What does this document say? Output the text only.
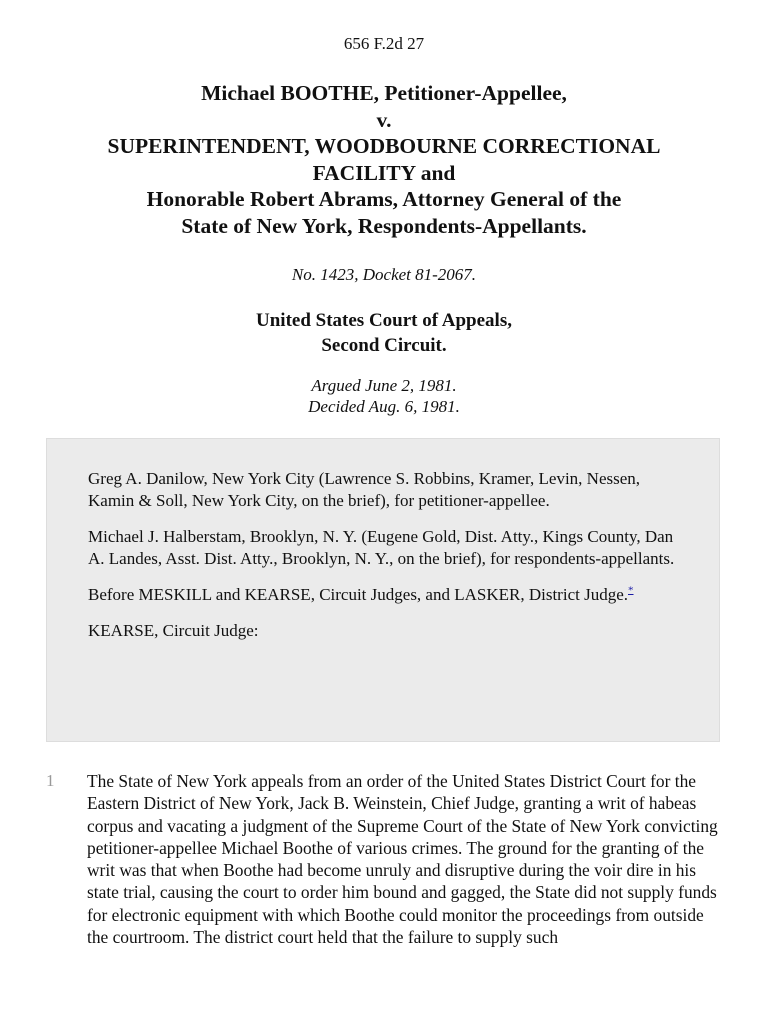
656 F.2d 27
Michael BOOTHE, Petitioner-Appellee,
v.
SUPERINTENDENT, WOODBOURNE CORRECTIONAL
FACILITY and
Honorable Robert Abrams, Attorney General of the
State of New York, Respondents-Appellants.
No. 1423, Docket 81-2067.
United States Court of Appeals,
Second Circuit.
Argued June 2, 1981.
Decided Aug. 6, 1981.

Greg A. Danilow, New York City (Lawrence S. Robbins, Kramer, Levin, Nessen, Kamin & Soll, New York City, on the brief), for petitioner-appellee.

Michael J. Halberstam, Brooklyn, N. Y. (Eugene Gold, Dist. Atty., Kings County, Dan A. Landes, Asst. Dist. Atty., Brooklyn, N. Y., on the brief), for respondents-appellants.

Before MESKILL and KEARSE, Circuit Judges, and LASKER, District Judge.*

KEARSE, Circuit Judge:

1 The State of New York appeals from an order of the United States District Court for the Eastern District of New York, Jack B. Weinstein, Chief Judge, granting a writ of habeas corpus and vacating a judgment of the Supreme Court of the State of New York convicting petitioner-appellee Michael Boothe of various crimes. The ground for the granting of the writ was that when Boothe had become unruly and disruptive during the voir dire in his state trial, causing the court to order him bound and gagged, the State did not supply funds for electronic equipment with which Boothe could monitor the proceedings from outside the courtroom. The district court held that the failure to supply such
